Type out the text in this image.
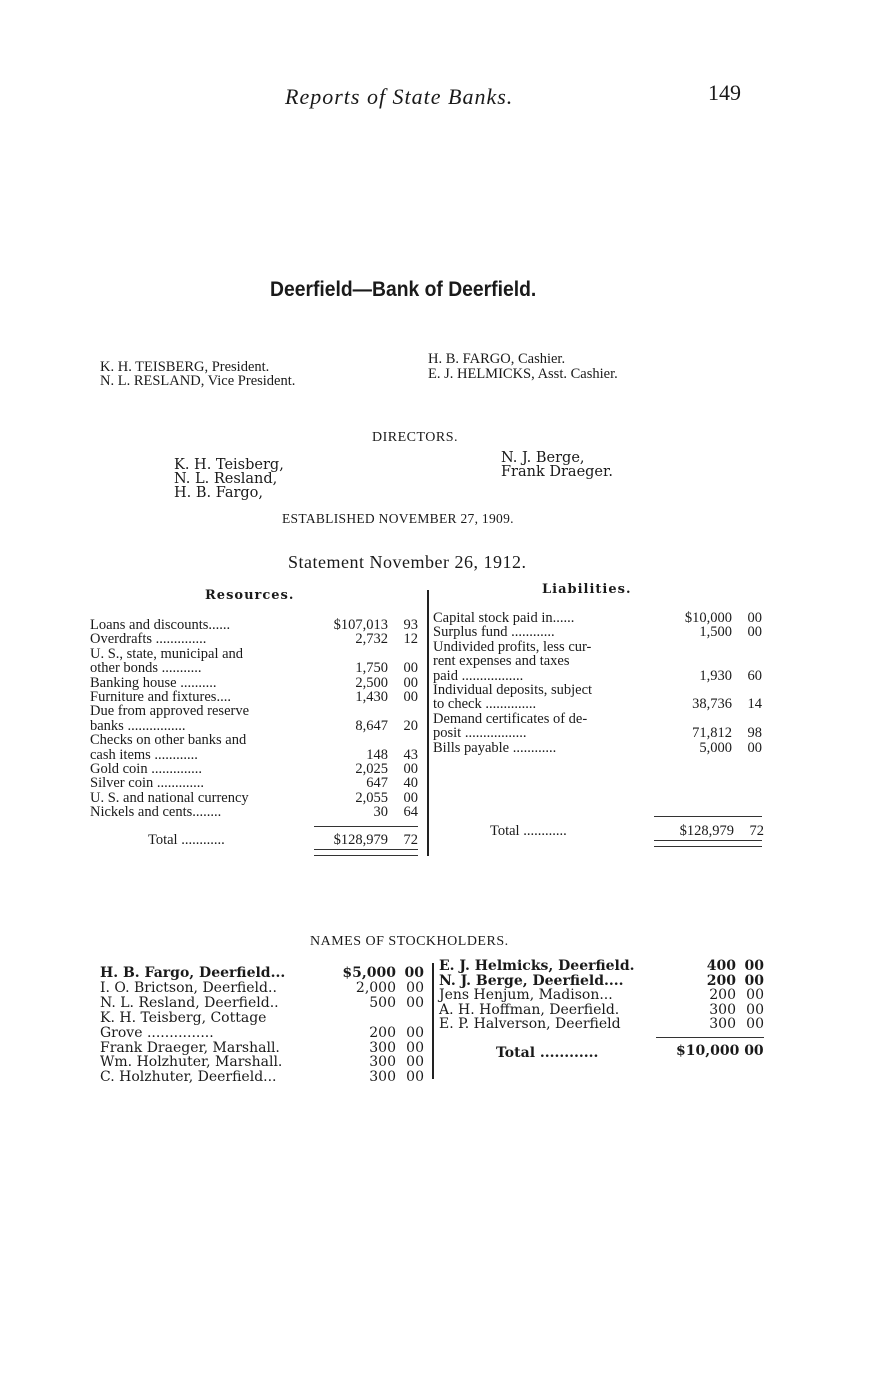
Reports of State Banks.	149
Deerfield—Bank of Deerfield.
K. H. TEISBERG, President.
N. L. RESLAND, Vice President.
H. B. FARGO, Cashier.
E. J. HELMICKS, Asst. Cashier.
DIRECTORS.
K. H. Teisberg,
N. L. Resland,
H. B. Fargo,
N. J. Berge,
Frank Draeger.
ESTABLISHED NOVEMBER 27, 1909.
Statement November 26, 1912.
Resources.	Liabilities.
Loans and discounts......	$107,013 93
Overdrafts ..............	2,732 12
U. S., state, municipal and
other bonds ...........	1,750 00
Banking house ..........	2,500 00
Furniture and fixtures....	1,430 00
Due from approved reserve
banks ................	8,647 20
Checks on other banks and
cash items ............	148 43
Gold coin ..............	2,025 00
Silver coin .............	647 40
U. S. and national currency	2,055 00
Nickels and cents........	30 64
Capital stock paid in......	$10,000 00
Surplus fund ............	1,500 00
Undivided profits, less cur-
rent expenses and taxes
paid .................	1,930 60
Individual deposits, subject
to check ..............	38,736 14
Demand certificates of de-
posit .................	71,812 98
Bills payable ............	5,000 00
Total ............	$128,979 72
Total ............	$128,979 72
NAMES OF STOCKHOLDERS.
H. B. Fargo, Deerfield...	$5,000 00
I. O. Brictson, Deerfield..	2,000 00
N. L. Resland, Deerfield..	500 00
K. H. Teisberg, Cottage
Grove ...............	200 00
Frank Draeger, Marshall.	300 00
Wm. Holzhuter, Marshall.	300 00
C. Holzhuter, Deerfield...	300 00
E. J. Helmicks, Deerfield.	400 00
N. J. Berge, Deerfield....	200 00
Jens Henjum, Madison...	200 00
A. H. Hoffman, Deerfield.	300 00
E. P. Halverson, Deerfield	300 00
Total ............	$10,000 00
